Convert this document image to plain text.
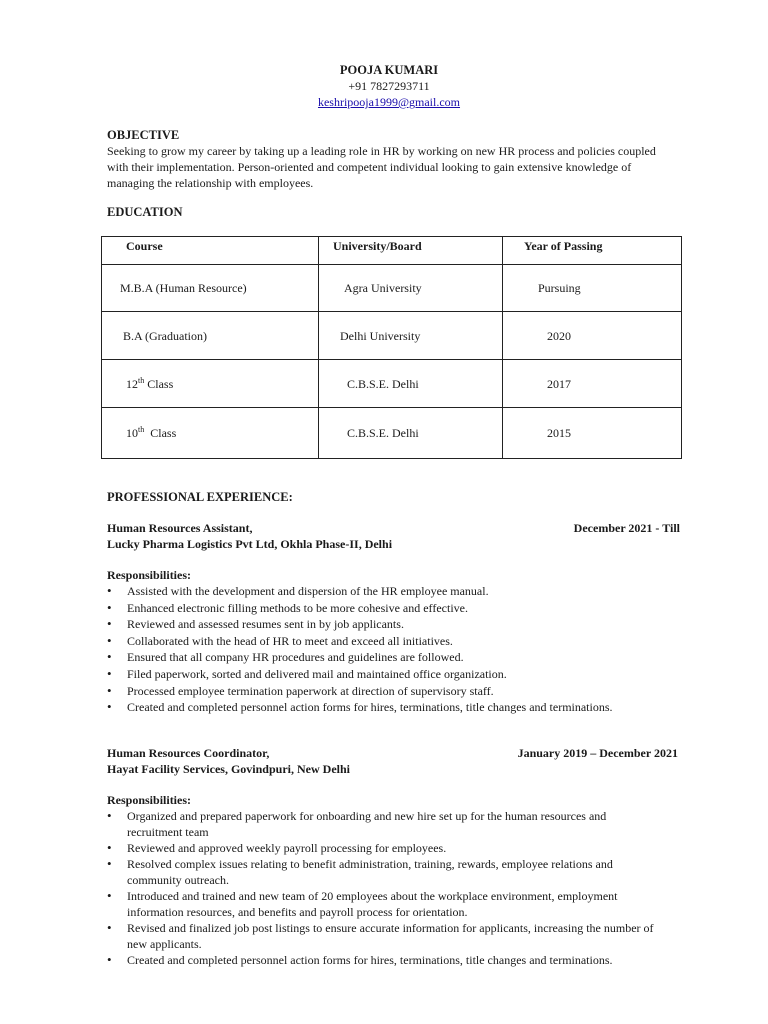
POOJA KUMARI
+91 7827293711
keshripooja1999@gmail.com
OBJECTIVE
Seeking to grow my career by taking up a leading role in HR by working on new HR process and policies coupled with their implementation. Person-oriented and competent individual looking to gain extensive knowledge of managing the relationship with employees.
EDUCATION
Course	University/Board	Year of Passing
M.B.A (Human Resource)	Agra University	Pursuing
B.A (Graduation)	Delhi University	2020
12th Class	C.B.S.E. Delhi	2017
10th  Class	C.B.S.E. Delhi	2015
PROFESSIONAL EXPERIENCE:
Human Resources Assistant,	December 2021 - Till
Lucky Pharma Logistics Pvt Ltd, Okhla Phase-II, Delhi
Responsibilities:
• Assisted with the development and dispersion of the HR employee manual.
• Enhanced electronic filling methods to be more cohesive and effective.
• Reviewed and assessed resumes sent in by job applicants.
• Collaborated with the head of HR to meet and exceed all initiatives.
• Ensured that all company HR procedures and guidelines are followed.
• Filed paperwork, sorted and delivered mail and maintained office organization.
• Processed employee termination paperwork at direction of supervisory staff.
• Created and completed personnel action forms for hires, terminations, title changes and terminations.
Human Resources Coordinator,	January 2019 – December 2021
Hayat Facility Services, Govindpuri, New Delhi
Responsibilities:
• Organized and prepared paperwork for onboarding and new hire set up for the human resources and recruitment team
• Reviewed and approved weekly payroll processing for employees.
• Resolved complex issues relating to benefit administration, training, rewards, employee relations and community outreach.
• Introduced and trained and new team of 20 employees about the workplace environment, employment information resources, and benefits and payroll process for orientation.
• Revised and finalized job post listings to ensure accurate information for applicants, increasing the number of new applicants.
• Created and completed personnel action forms for hires, terminations, title changes and terminations.
